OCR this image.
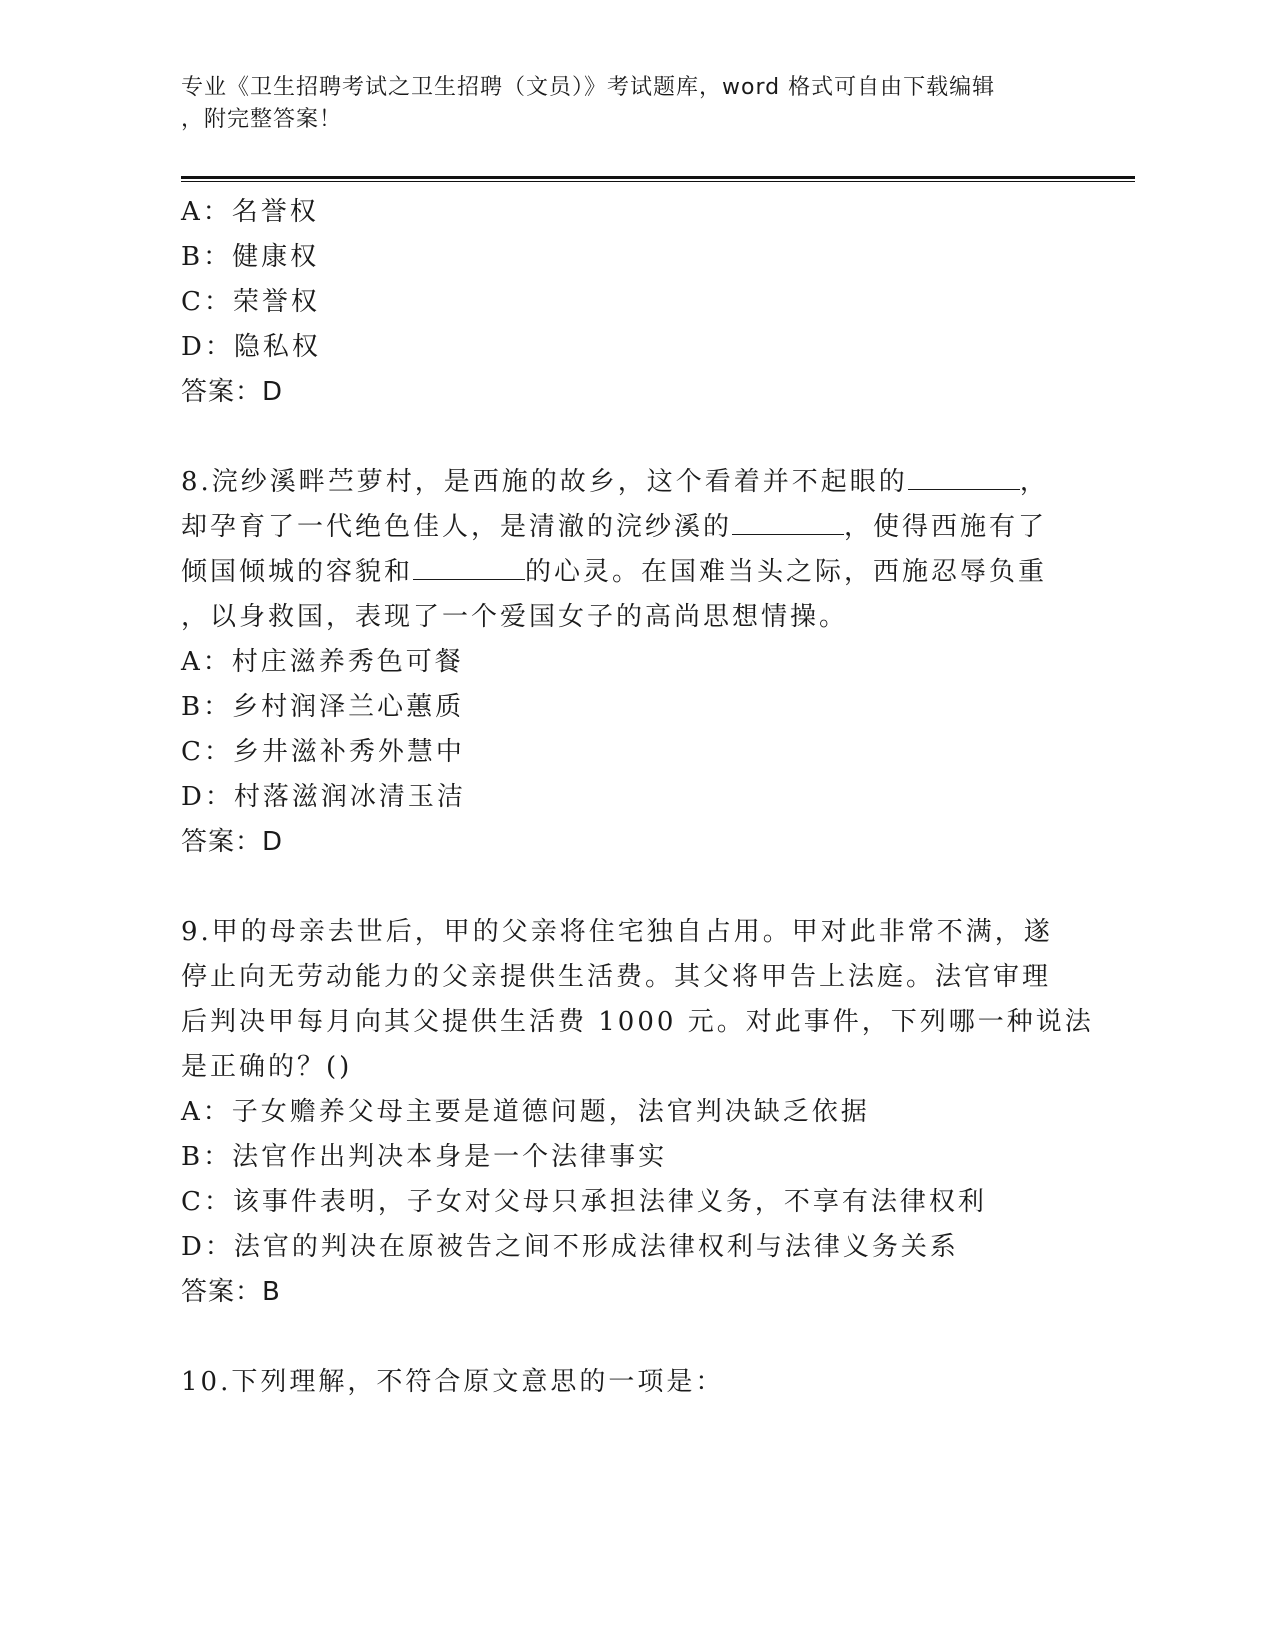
专业《卫生招聘考试之卫生招聘（文员）》考试题库，word 格式可自由下载编辑
，附完整答案！
A：名誉权
B：健康权
C：荣誉权
D：隐私权
答案：D
8.浣纱溪畔苎萝村，是西施的故乡，这个看着并不起眼的	，
却孕育了一代绝色佳人，是清澈的浣纱溪的	，使得西施有了
倾国倾城的容貌和	的心灵。在国难当头之际，西施忍辱负重
，以身救国，表现了一个爱国女子的高尚思想情操。
A：村庄滋养秀色可餐
B：乡村润泽兰心蕙质
C：乡井滋补秀外慧中
D：村落滋润冰清玉洁
答案：D
9.甲的母亲去世后，甲的父亲将住宅独自占用。甲对此非常不满，遂
停止向无劳动能力的父亲提供生活费。其父将甲告上法庭。法官审理
后判决甲每月向其父提供生活费 1000 元。对此事件，下列哪一种说法
是正确的？()
A：子女赡养父母主要是道德问题，法官判决缺乏依据
B：法官作出判决本身是一个法律事实
C：该事件表明，子女对父母只承担法律义务，不享有法律权利
D：法官的判决在原被告之间不形成法律权利与法律义务关系
答案：B
10.下列理解，不符合原文意思的一项是：
